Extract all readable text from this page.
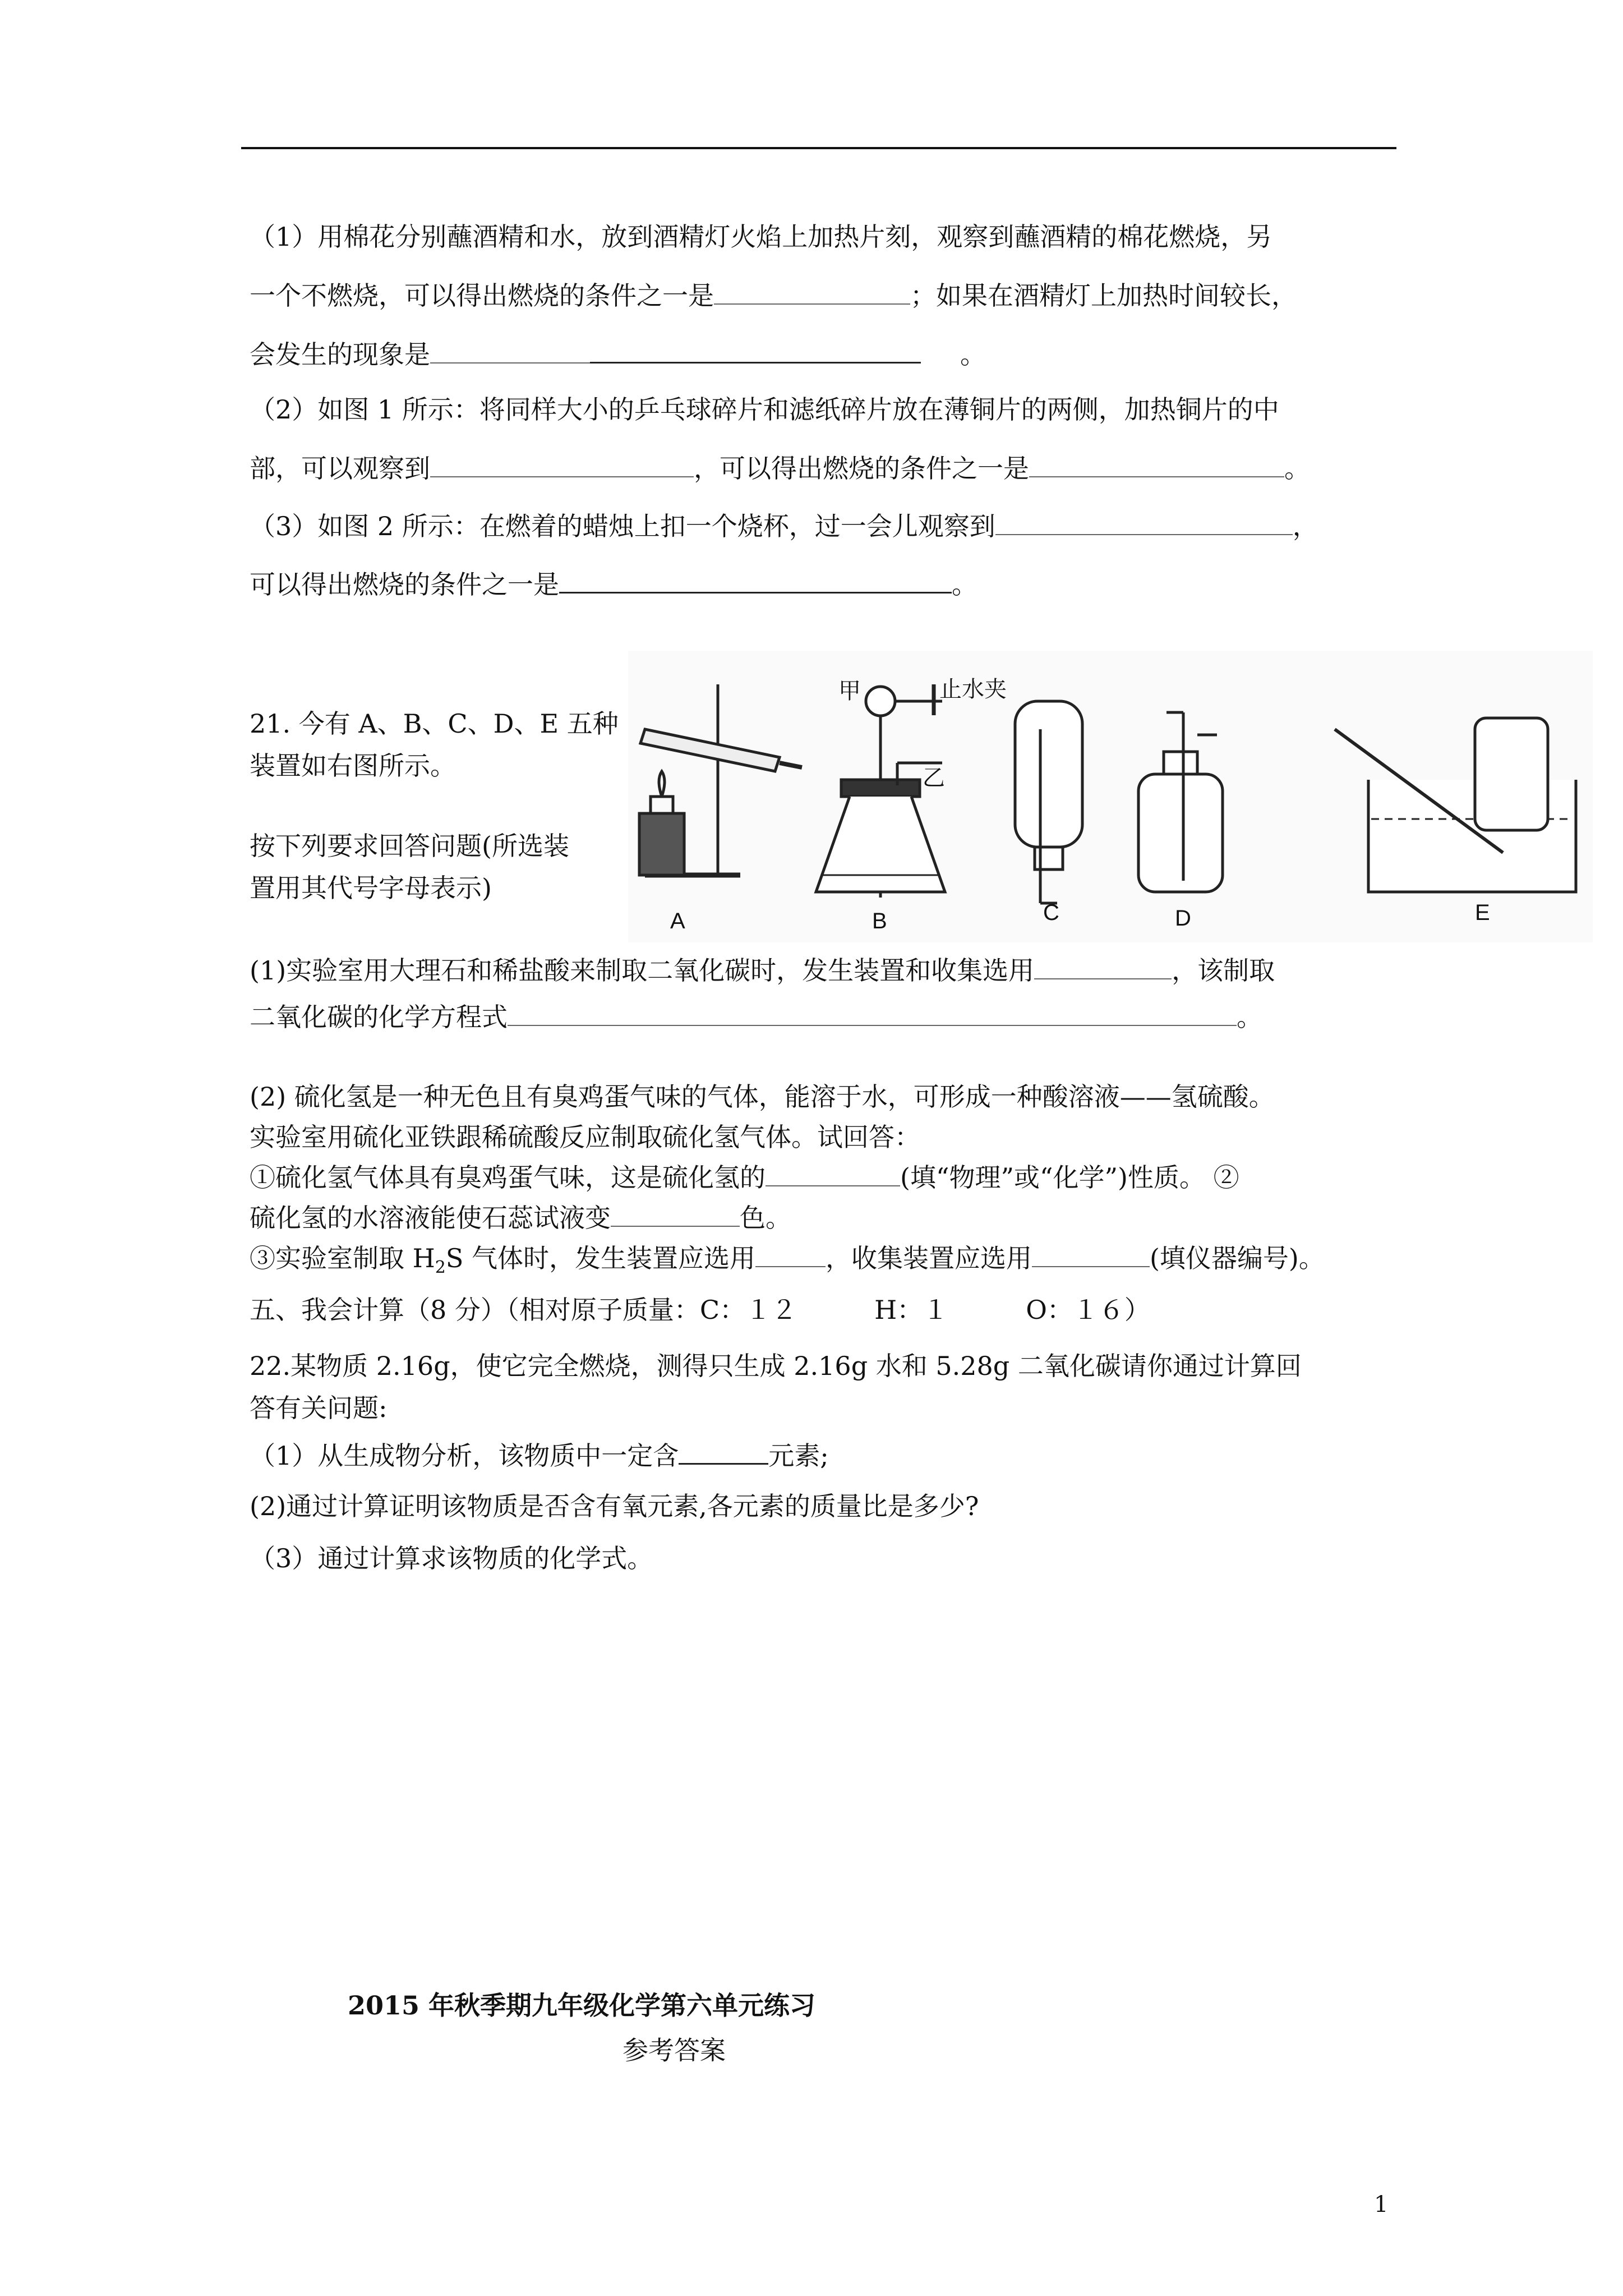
（1）用棉花分别蘸酒精和水，放到酒精灯火焰上加热片刻，观察到蘸酒精的棉花燃烧，另
一个不燃烧，可以得出燃烧的条件之一是	；如果在酒精灯上加热时间较长，
会发生的现象是	。
（2）如图 1 所示：将同样大小的乒乓球碎片和滤纸碎片放在薄铜片的两侧，加热铜片的中
部，可以观察到	，可以得出燃烧的条件之一是	。
（3）如图 2 所示：在燃着的蜡烛上扣一个烧杯，过一会儿观察到	，
可以得出燃烧的条件之一是	。
21. 今有 A、B、C、D、E 五种
装置如右图所示。
按下列要求回答问题(所选装
置用其代号字母表示)
甲	止水夹
乙
A	B	C	D	E
(1)实验室用大理石和稀盐酸来制取二氧化碳时，发生装置和收集选用	，该制取
二氧化碳的化学方程式	。
(2) 硫化氢是一种无色且有臭鸡蛋气味的气体，能溶于水，可形成一种酸溶液——氢硫酸。
实验室用硫化亚铁跟稀硫酸反应制取硫化氢气体。试回答：
①硫化氢气体具有臭鸡蛋气味，这是硫化氢的	(填“物理”或“化学”)性质。 ②
硫化氢的水溶液能使石蕊试液变	色。
③实验室制取 $H_2S$ 气体时，发生装置应选用	，收集装置应选用	(填仪器编号)。
五、我会计算（8 分）（相对原子质量：C：１２　　　H：１　　　O：１６）
22.某物质 2.16g，使它完全燃烧，测得只生成 2.16g 水和 5.28g 二氧化碳请你通过计算回
答有关问题:
（1）从生成物分析，该物质中一定含	元素;
(2)通过计算证明该物质是否含有氧元素,各元素的质量比是多少?
（3）通过计算求该物质的化学式。
2015 年秋季期九年级化学第六单元练习
参考答案
1
